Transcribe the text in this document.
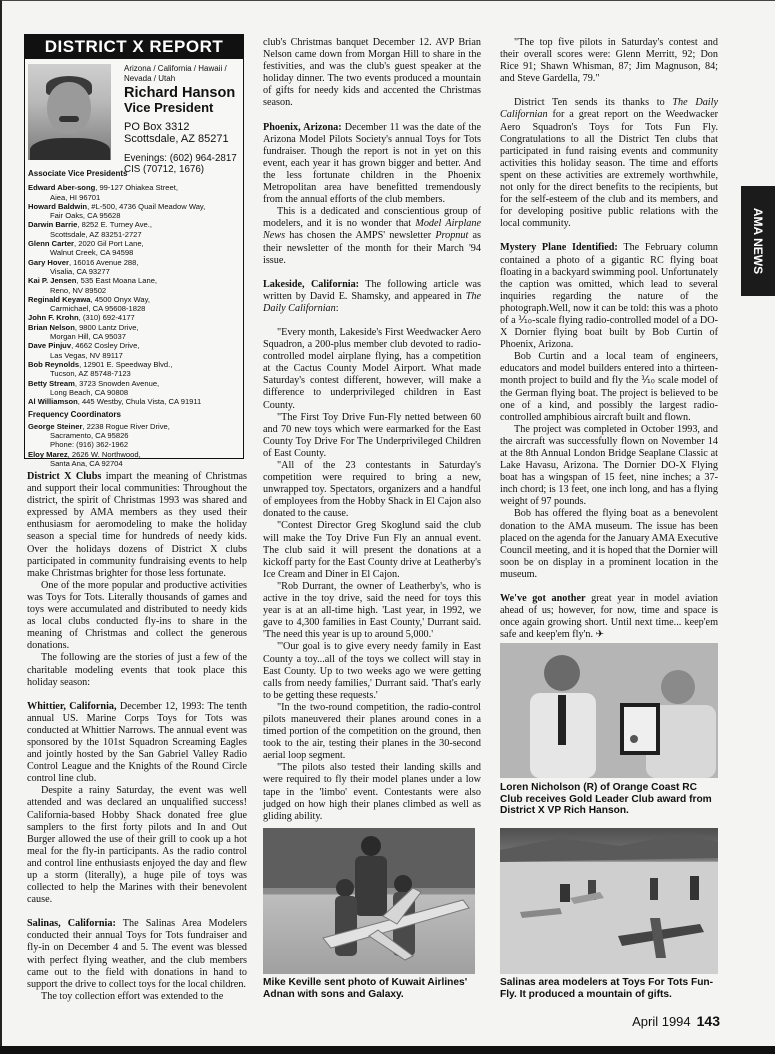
DISTRICT X REPORT
Arizona / California / Hawaii / Nevada / Utah
Richard Hanson
Vice President
PO Box 3312
Scottsdale, AZ 85271
Evenings: (602) 964-2817
CIS (70712, 1676)
Associate Vice Presidents
Edward Aber-song, 99-127 Ohiakea Street,
Aiea, HI 96701
Howard Baldwin, #L-500, 4736 Quail Meadow Way,
Fair Oaks, CA 95628
Darwin Barrie, 8252 E. Turney Ave.,
Scottsdale, AZ 83251-2727
Glenn Carter, 2020 Gil Port Lane,
Walnut Creek, CA 94598
Gary Hover, 16016 Avenue 288,
Visalia, CA 93277
Kai P. Jensen, 535 East Moana Lane,
Reno, NV 89502
Reginald Keyawa, 4500 Onyx Way,
Carmichael, CA 95608-1828
John F. Krohn, (310) 692-4177
Brian Nelson, 9800 Lantz Drive,
Morgan Hill, CA 95037
Dave Pinjuv, 4662 Cosley Drive,
Las Vegas, NV 89117
Bob Reynolds, 12901 E. Speedway Blvd.,
Tucson, AZ 85748-7123
Betty Stream, 3723 Snowden Avenue,
Long Beach, CA 90808
Al Williamson, 445 Westby, Chula Vista, CA 91911
Frequency Coordinators
George Steiner, 2238 Rogue River Drive,
Sacramento, CA 95826
Phone: (916) 362-1962
Eloy Marez, 2626 W. Northwood,
Santa Ana, CA 92704

District X Clubs impart the meaning of Christmas and support their local communities: Throughout the district, the spirit of Christmas 1993 was shared and expressed by AMA members as they used their enthusiasm for aeromodeling to make the holiday season a special time for hundreds of needy kids. Over the holidays dozens of District X clubs participated in community fundraising events to help make Christmas brighter for those less fortunate.

One of the more popular and productive activities was Toys for Tots. Literally thousands of games and toys were accumulated and distributed to needy kids as local clubs conducted fly-ins to share in the meaning of Christmas and collect the generous donations.

The following are the stories of just a few of the charitable modeling events that took place this holiday season:

Whittier, California, December 12, 1993: The tenth annual US. Marine Corps Toys for Tots was conducted at Whittier Narrows. The annual event was sponsored by the 101st Squadron Screaming Eagles and jointly hosted by the San Gabriel Valley Radio Control League and the Knights of the Round Circle control line club.

Despite a rainy Saturday, the event was well attended and was declared an unqualified success! California-based Hobby Shack donated free glue samplers to the first forty pilots and In and Out Burger allowed the use of their grill to cook up a hot meal for the fly-in participants. As the radio control and control line enthusiasts enjoyed the day and flew up a storm (literally), a huge pile of toys was collected to help the Marines with their benevolent cause.

Salinas, California: The Salinas Area Modelers conducted their annual Toys for Tots fundraiser and fly-in on December 4 and 5. The event was blessed with perfect flying weather, and the club members came out to the field with donations in hand to support the drive to collect toys for the local children.

The toy collection effort was extended to the

club's Christmas banquet December 12. AVP Brian Nelson came down from Morgan Hill to share in the festivities, and was the club's guest speaker at the holiday dinner. The two events produced a mountain of gifts for needy kids and accented the Christmas season.

Phoenix, Arizona: December 11 was the date of the Arizona Model Pilots Society's annual Toys for Tots fundraiser. Though the report is not in yet on this event, each year it has grown bigger and better. And the less fortunate children in the Phoenix Metropolitan area have benefitted tremendously from the annual efforts of the club members.

This is a dedicated and conscientious group of modelers, and it is no wonder that Model Airplane News has chosen the AMPS' newsletter Propnut as their newsletter of the month for their March '94 issue.

Lakeside, California: The following article was written by David E. Shamsky, and appeared in The Daily Californian:

"Every month, Lakeside's First Weedwacker Aero Squadron, a 200-plus member club devoted to radio-controlled model airplane flying, has a competition at the Cactus County Model Airport. What made Saturday's contest different, however, will make a difference to underprivileged children in East County.

"The First Toy Drive Fun-Fly netted between 60 and 70 new toys which were earmarked for the East County Toy Drive For The Underprivileged Children of East County.

"All of the 23 contestants in Saturday's competition were required to bring a new, unwrapped toy. Spectators, organizers and a handful of employees from the Hobby Shack in El Cajon also donated to the cause.

"Contest Director Greg Skoglund said the club will make the Toy Drive Fun Fly an annual event. The club said it will present the donations at a kickoff party for the East County drive at Leatherby's Ice Cream and Diner in El Cajon.

"Rob Durrant, the owner of Leatherby's, who is active in the toy drive, said the need for toys this year is at an all-time high. 'Last year, in 1992, we gave to 4,300 families in East County,' Durrant said. 'The need this year is up to around 5,000.'

"'Our goal is to give every needy family in East County a toy...all of the toys we collect will stay in East County. Up to two weeks ago we were getting calls from needy families,' Durrant said. 'That's early to be getting these requests.'

"In the two-round competition, the radio-control pilots maneuvered their planes around cones in a timed portion of the competition on the ground, then took to the air, testing their planes in the 30-second aerial loop segment.

"The pilots also tested their landing skills and were required to fly their model planes under a low tape in the 'limbo' event. Contestants were also judged on how high their planes climbed as well as gliding ability.

Mike Keville sent photo of Kuwait Airlines' Adnan with sons and Galaxy.

"The top five pilots in Saturday's contest and their overall scores were: Glenn Merritt, 92; Don Rice 91; Shawn Whisman, 87; Jim Magnuson, 84; and Steve Gardella, 79."

District Ten sends its thanks to The Daily Californian for a great report on the Weedwacker Aero Squadron's Toys for Tots Fun Fly. Congratulations to all the District Ten clubs that participated in fund raising events and community activities this holiday season. The time and efforts spent on these activities are extremely worthwhile, not only for the direct benefits to the recipients, but for the self-esteem of the club and its members, and for developing positive public relations with the local community.

Mystery Plane Identified: The February column contained a photo of a gigantic RC flying boat floating in a backyard swimming pool. Unfortunately the caption was omitted, which lead to several inquiries regarding the nature of the photograph.Well, now it can be told: this was a photo of a ⅒-scale flying radio-controlled model of a DO-X Dornier flying boat built by Bob Curtin of Phoenix, Arizona.

Bob Curtin and a local team of engineers, educators and model builders entered into a thirteen-month project to build and fly the ⅒ scale model of the German flying boat. The project is believed to be one of a kind, and possibly the largest radio-controlled amphibious aircraft built and flown.

The project was completed in October 1993, and the aircraft was successfully flown on November 14 at the 8th Annual London Bridge Seaplane Classic at Lake Havasu, Arizona. The Dornier DO-X Flying boat has a wingspan of 15 feet, nine inches; a 37-inch chord; is 13 feet, one inch long, and has a flying weight of 97 pounds.

Bob has offered the flying boat as a benevolent donation to the AMA museum. The issue has been placed on the agenda for the January AMA Executive Council meeting, and it is hoped that the Dornier will soon be on display in a prominent location in the museum.

We've got another great year in model aviation ahead of us; however, for now, time and space is once again growing short. Until next time... keep'em safe and keep'em fly'n. ✈

Loren Nicholson (R) of Orange Coast RC Club receives Gold Leader Club award from District X VP Rich Hanson.
Salinas area modelers at Toys For Tots Fun-Fly. It produced a mountain of gifts.
AMA NEWS
April 1994 143
